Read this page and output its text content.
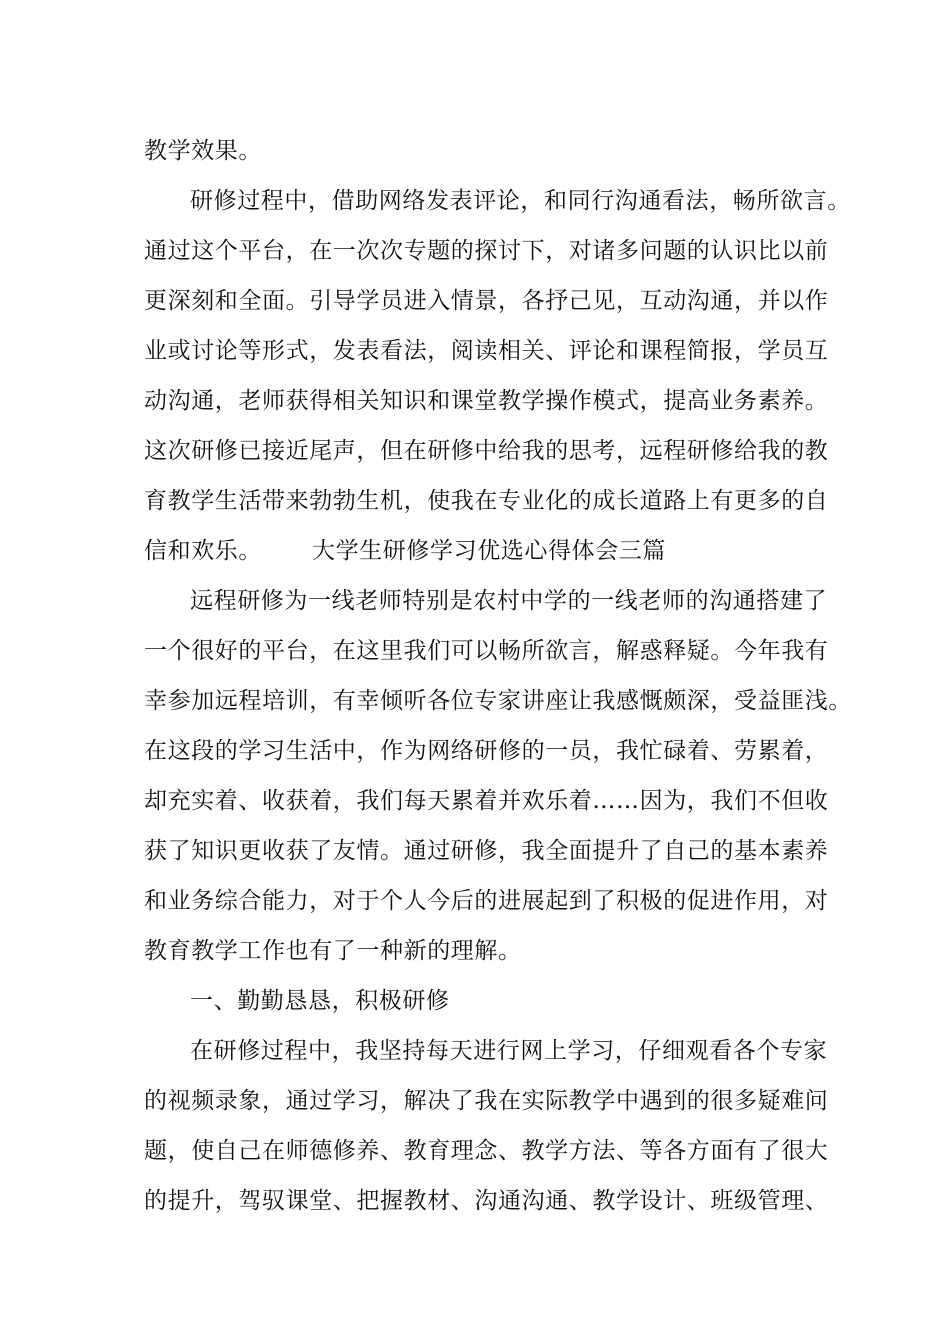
教学效果。
研修过程中，借助网络发表评论，和同行沟通看法，畅所欲言。
通过这个平台，在一次次专题的探讨下，对诸多问题的认识比以前
更深刻和全面。引导学员进入情景，各抒己见，互动沟通，并以作
业或讨论等形式，发表看法，阅读相关、评论和课程简报，学员互
动沟通，老师获得相关知识和课堂教学操作模式，提高业务素养。
这次研修已接近尾声，但在研修中给我的思考，远程研修给我的教
育教学生活带来勃勃生机，使我在专业化的成长道路上有更多的自
信和欢乐。 大学生研修学习优选心得体会三篇
远程研修为一线老师特别是农村中学的一线老师的沟通搭建了
一个很好的平台，在这里我们可以畅所欲言，解惑释疑。今年我有
幸参加远程培训，有幸倾听各位专家讲座让我感慨颇深，受益匪浅。
在这段的学习生活中，作为网络研修的一员，我忙碌着、劳累着，
却充实着、收获着，我们每天累着并欢乐着……因为，我们不但收
获了知识更收获了友情。通过研修，我全面提升了自己的基本素养
和业务综合能力，对于个人今后的进展起到了积极的促进作用，对
教育教学工作也有了一种新的理解。
一、勤勤恳恳，积极研修
在研修过程中，我坚持每天进行网上学习，仔细观看各个专家
的视频录象，通过学习，解决了我在实际教学中遇到的很多疑难问
题，使自己在师德修养、教育理念、教学方法、等各方面有了很大
的提升，驾驭课堂、把握教材、沟通沟通、教学设计、班级管理、
